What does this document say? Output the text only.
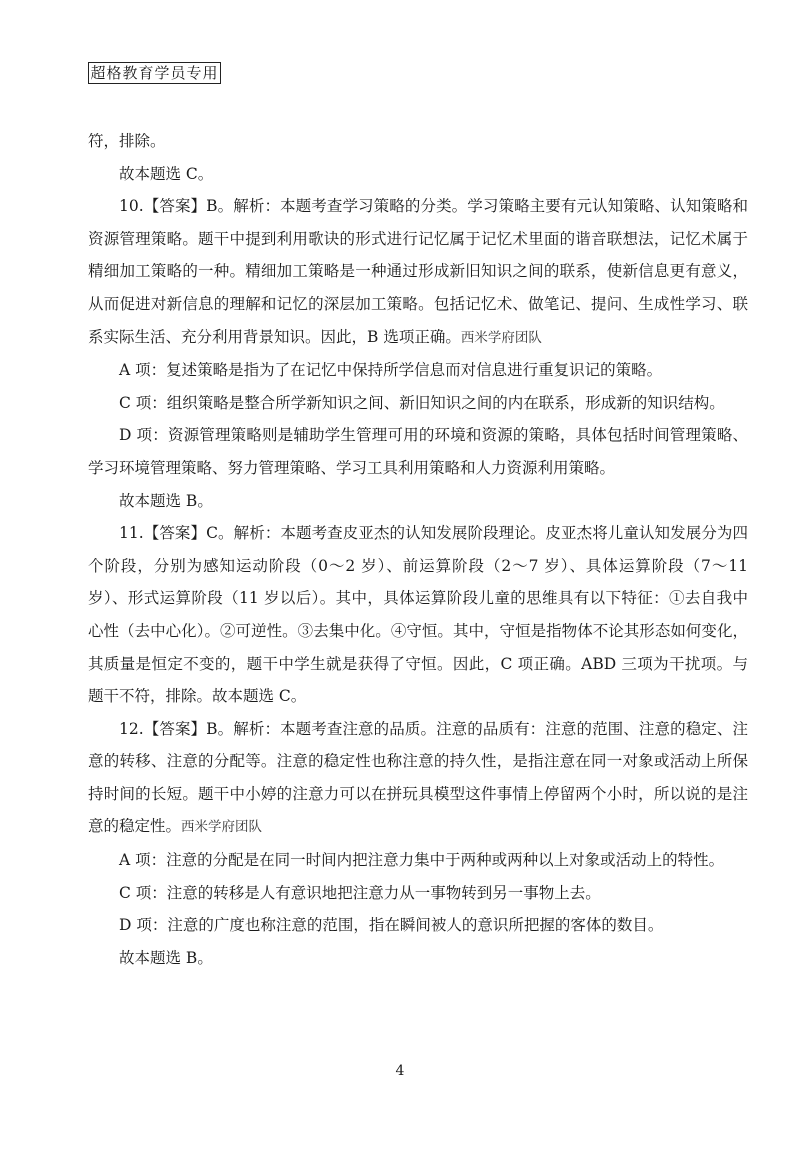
超格教育学员专用

符，排除。

故本题选 C。

10.【答案】B。解析：本题考查学习策略的分类。学习策略主要有元认知策略、认知策略和资源管理策略。题干中提到利用歌诀的形式进行记忆属于记忆术里面的谐音联想法，记忆术属于精细加工策略的一种。精细加工策略是一种通过形成新旧知识之间的联系，使新信息更有意义，从而促进对新信息的理解和记忆的深层加工策略。包括记忆术、做笔记、提问、生成性学习、联系实际生活、充分利用背景知识。因此，B 选项正确。西米学府团队

A 项：复述策略是指为了在记忆中保持所学信息而对信息进行重复识记的策略。

C 项：组织策略是整合所学新知识之间、新旧知识之间的内在联系，形成新的知识结构。

D 项：资源管理策略则是辅助学生管理可用的环境和资源的策略，具体包括时间管理策略、学习环境管理策略、努力管理策略、学习工具利用策略和人力资源利用策略。

故本题选 B。

11.【答案】C。解析：本题考查皮亚杰的认知发展阶段理论。皮亚杰将儿童认知发展分为四个阶段，分别为感知运动阶段（0～2 岁）、前运算阶段（2～7 岁）、具体运算阶段（7～11 岁）、形式运算阶段（11 岁以后）。其中，具体运算阶段儿童的思维具有以下特征：①去自我中心性（去中心化）。②可逆性。③去集中化。④守恒。其中，守恒是指物体不论其形态如何变化，其质量是恒定不变的，题干中学生就是获得了守恒。因此，C 项正确。ABD 三项为干扰项。与题干不符，排除。故本题选 C。

12.【答案】B。解析：本题考查注意的品质。注意的品质有：注意的范围、注意的稳定、注意的转移、注意的分配等。注意的稳定性也称注意的持久性，是指注意在同一对象或活动上所保持时间的长短。题干中小婷的注意力可以在拼玩具模型这件事情上停留两个小时，所以说的是注意的稳定性。西米学府团队

A 项：注意的分配是在同一时间内把注意力集中于两种或两种以上对象或活动上的特性。

C 项：注意的转移是人有意识地把注意力从一事物转到另一事物上去。

D 项：注意的广度也称注意的范围，指在瞬间被人的意识所把握的客体的数目。

故本题选 B。

4
